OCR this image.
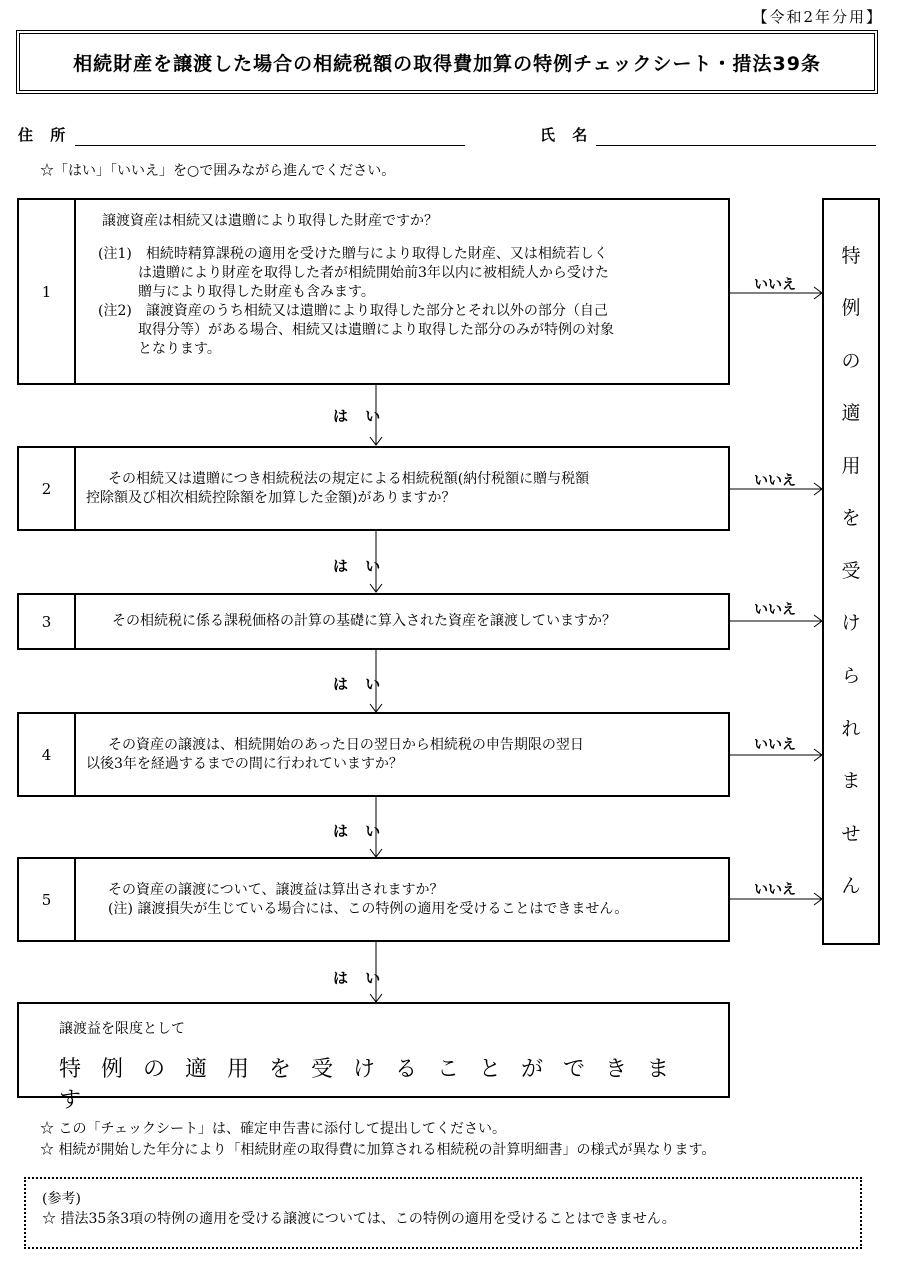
【令和2年分用】
相続財産を譲渡した場合の相続税額の取得費加算の特例チェックシート・措法39条
住 所	氏 名
☆「はい」「いいえ」を○で囲みながら進んでください。
1
譲渡資産は相続又は遺贈により取得した財産ですか？
(注1)　相続時精算課税の適用を受けた贈与により取得した財産、又は相続若しく
は遺贈により財産を取得した者が相続開始前3年以内に被相続人から受けた
贈与により取得した財産も含みます。
(注2)　譲渡資産のうち相続又は遺贈により取得した部分とそれ以外の部分（自己
取得分等）がある場合、相続又は遺贈により取得した部分のみが特例の対象
となります。
いいえ
は い
2
その相続又は遺贈につき相続税法の規定による相続税額(納付税額に贈与税額
控除額及び相次相続控除額を加算した金額)がありますか？
いいえ
は い
3	その相続税に係る課税価格の計算の基礎に算入された資産を譲渡していますか？
いいえ
は い
4
その資産の譲渡は、相続開始のあった日の翌日から相続税の申告期限の翌日
以後3年を経過するまでの間に行われていますか？
いいえ
は い
5
その資産の譲渡について、譲渡益は算出されますか？
(注) 譲渡損失が生じている場合には、この特例の適用を受けることはできません。
いいえ
は い
特
例
の
適
用
を
受
け
ら
れ
ま
せ
ん
譲渡益を限度として
特例の適用を受けることができます
☆ この「チェックシート」は、確定申告書に添付して提出してください。
☆ 相続が開始した年分により「相続財産の取得費に加算される相続税の計算明細書」の様式が異なります。
(参考)
☆ 措法35条3項の特例の適用を受ける譲渡については、この特例の適用を受けることはできません。
